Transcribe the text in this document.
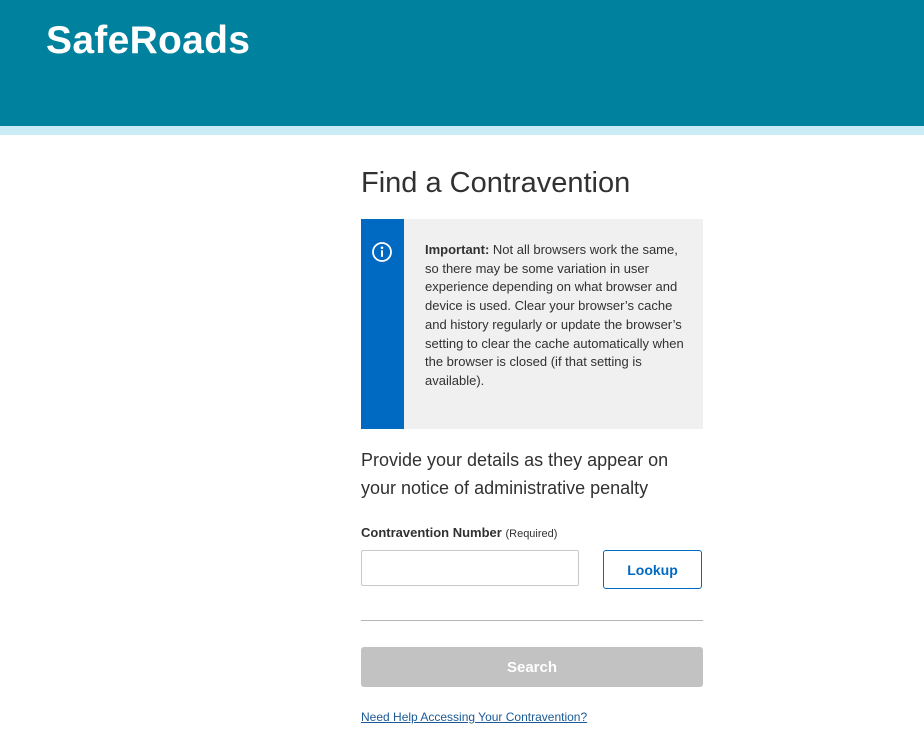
SafeRoads
Find a Contravention
Important: Not all browsers work the same, so there may be some variation in user experience depending on what browser and device is used. Clear your browser’s cache and history regularly or update the browser’s setting to clear the cache automatically when the browser is closed (if that setting is available).
Provide your details as they appear on your notice of administrative penalty
Contravention Number (Required)
Lookup
Search
Need Help Accessing Your Contravention?
